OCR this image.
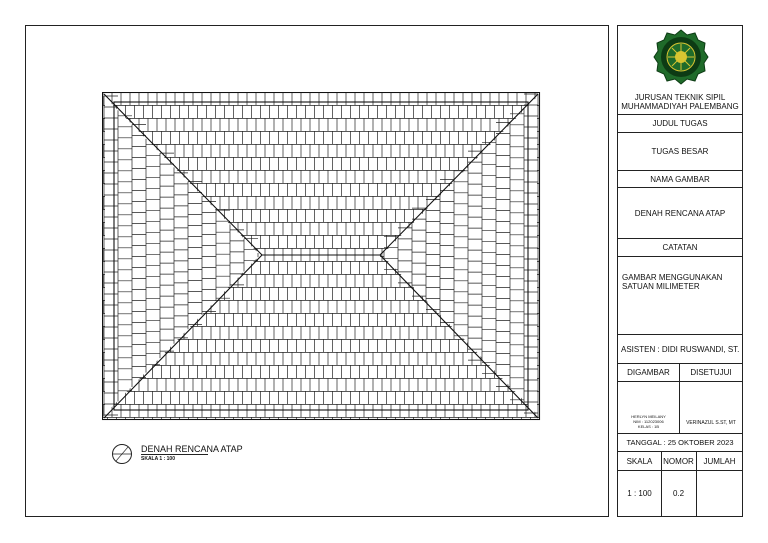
DENAH RENCANA ATAP
SKALA 1 : 100
JURUSAN TEKNIK SIPIL
MUHAMMADIYAH PALEMBANG
JUDUL TUGAS
TUGAS BESAR
NAMA GAMBAR
DENAH RENCANA ATAP
CATATAN
GAMBAR MENGGUNAKAN
SATUAN MILIMETER
ASISTEN : DIDI RUSWANDI, ST.
DIGAMBAR	DISETUJUI
HERLYN MEILANY
NIM : 112023006
KELAS : 1B
VERINAZUL S.ST, MT
TANGGAL : 25 OKTOBER 2023
SKALA	NOMOR	JUMLAH
1 : 100	0.2
